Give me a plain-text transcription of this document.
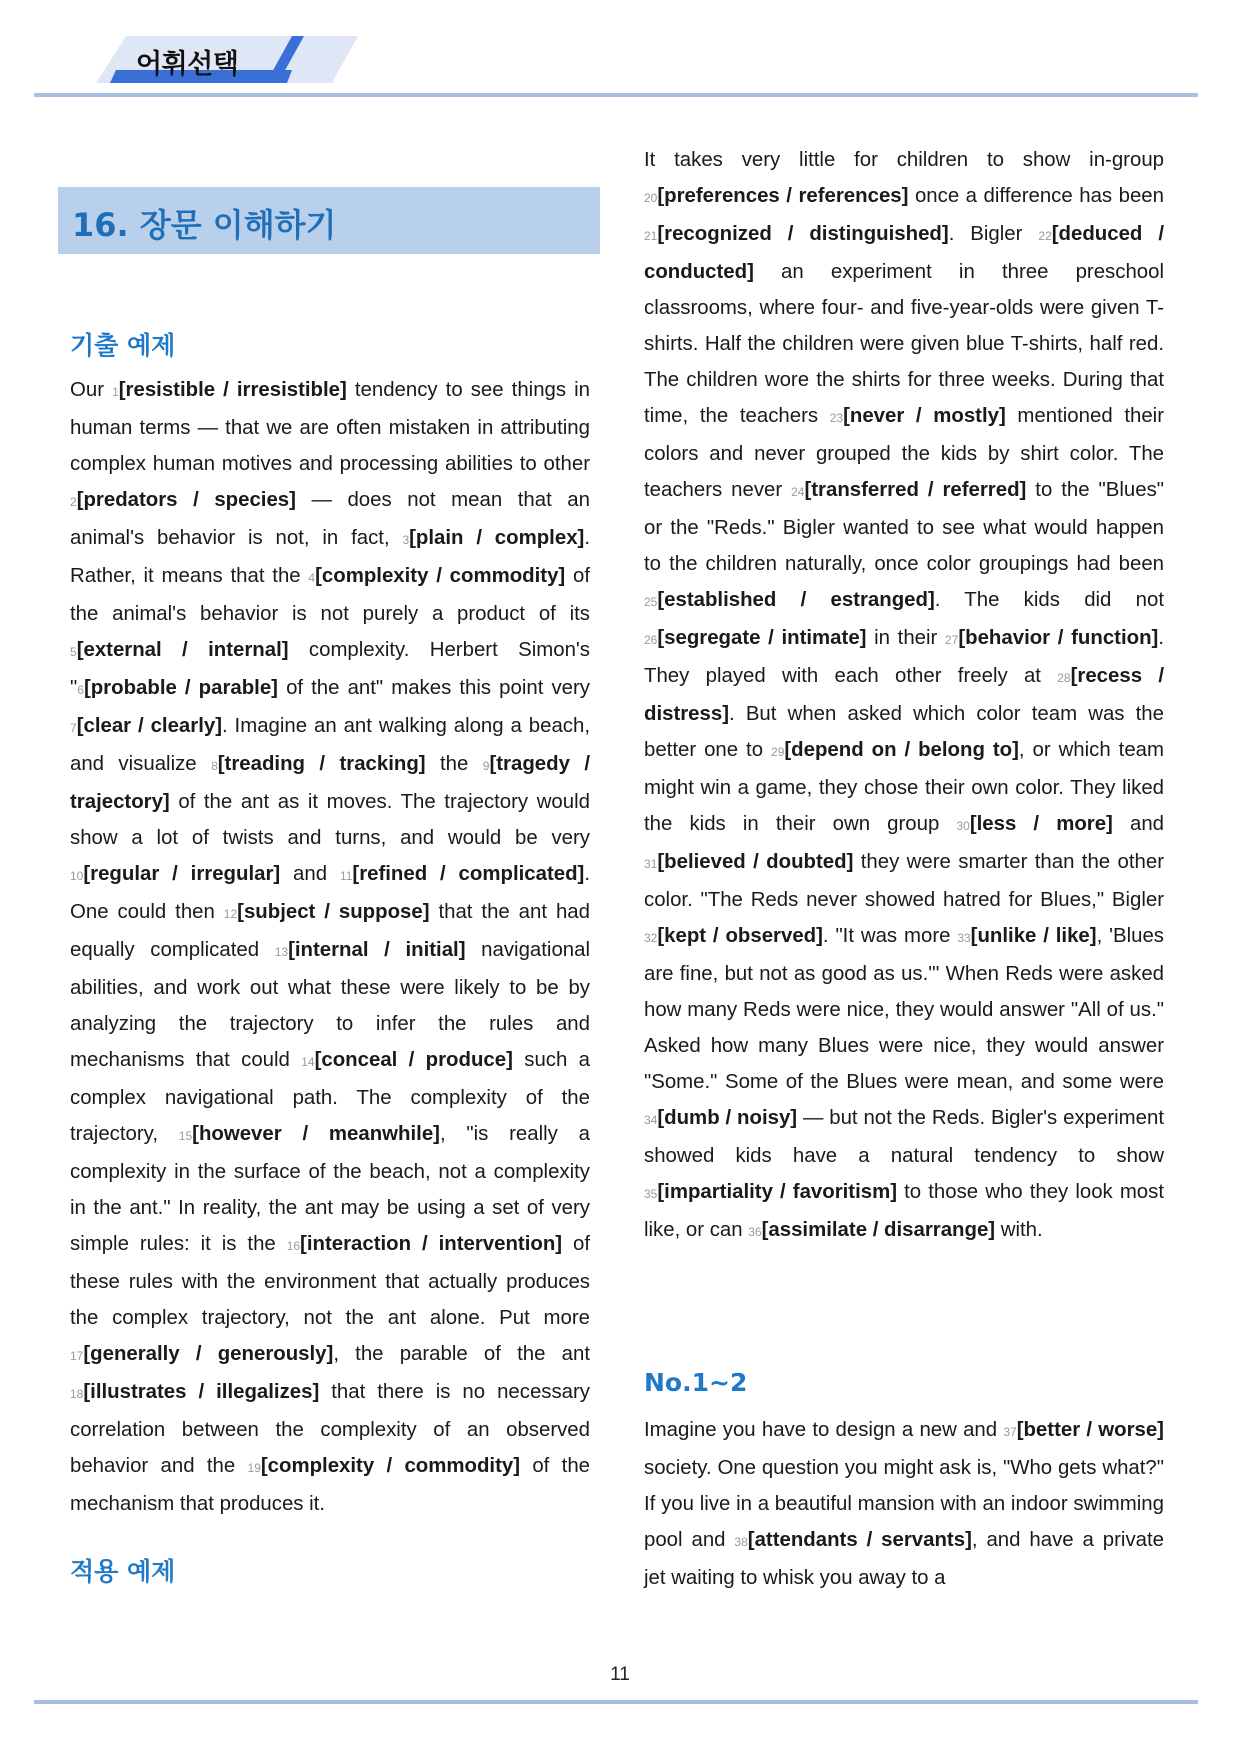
어휘선택
16. 장문 이해하기
기출 예제
Our 1[resistible / irresistible] tendency to see things in human terms — that we are often mistaken in attributing complex human motives and processing abilities to other 2[predators / species] — does not mean that an animal's behavior is not, in fact, 3[plain / complex]. Rather, it means that the 4[complexity / commodity] of the animal's behavior is not purely a product of its 5[external / internal] complexity. Herbert Simon's "6[probable / parable] of the ant" makes this point very 7[clear / clearly]. Imagine an ant walking along a beach, and visualize 8[treading / tracking] the 9[tragedy / trajectory] of the ant as it moves. The trajectory would show a lot of twists and turns, and would be very 10[regular / irregular] and 11[refined / complicated]. One could then 12[subject / suppose] that the ant had equally complicated 13[internal / initial] navigational abilities, and work out what these were likely to be by analyzing the trajectory to infer the rules and mechanisms that could 14[conceal / produce] such a complex navigational path. The complexity of the trajectory, 15[however / meanwhile], "is really a complexity in the surface of the beach, not a complexity in the ant." In reality, the ant may be using a set of very simple rules: it is the 16[interaction / intervention] of these rules with the environment that actually produces the complex trajectory, not the ant alone. Put more 17[generally / generously], the parable of the ant 18[illustrates / illegalizes] that there is no necessary correlation between the complexity of an observed behavior and the 19[complexity / commodity] of the mechanism that produces it.
적용 예제
It takes very little for children to show in-group 20[preferences / references] once a difference has been 21[recognized / distinguished]. Bigler 22[deduced / conducted] an experiment in three preschool classrooms, where four- and five-year-olds were given T-shirts. Half the children were given blue T-shirts, half red. The children wore the shirts for three weeks. During that time, the teachers 23[never / mostly] mentioned their colors and never grouped the kids by shirt color. The teachers never 24[transferred / referred] to the "Blues" or the "Reds." Bigler wanted to see what would happen to the children naturally, once color groupings had been 25[established / estranged]. The kids did not 26[segregate / intimate] in their 27[behavior / function]. They played with each other freely at 28[recess / distress]. But when asked which color team was the better one to 29[depend on / belong to], or which team might win a game, they chose their own color. They liked the kids in their own group 30[less / more] and 31[believed / doubted] they were smarter than the other color. "The Reds never showed hatred for Blues," Bigler 32[kept / observed]. "It was more 33[unlike / like], 'Blues are fine, but not as good as us.'" When Reds were asked how many Reds were nice, they would answer "All of us." Asked how many Blues were nice, they would answer "Some." Some of the Blues were mean, and some were 34[dumb / noisy] — but not the Reds. Bigler's experiment showed kids have a natural tendency to show 35[impartiality / favoritism] to those who they look most like, or can 36[assimilate / disarrange] with.
No.1~2
Imagine you have to design a new and 37[better / worse] society. One question you might ask is, "Who gets what?" If you live in a beautiful mansion with an indoor swimming pool and 38[attendants / servants], and have a private jet waiting to whisk you away to a
11
